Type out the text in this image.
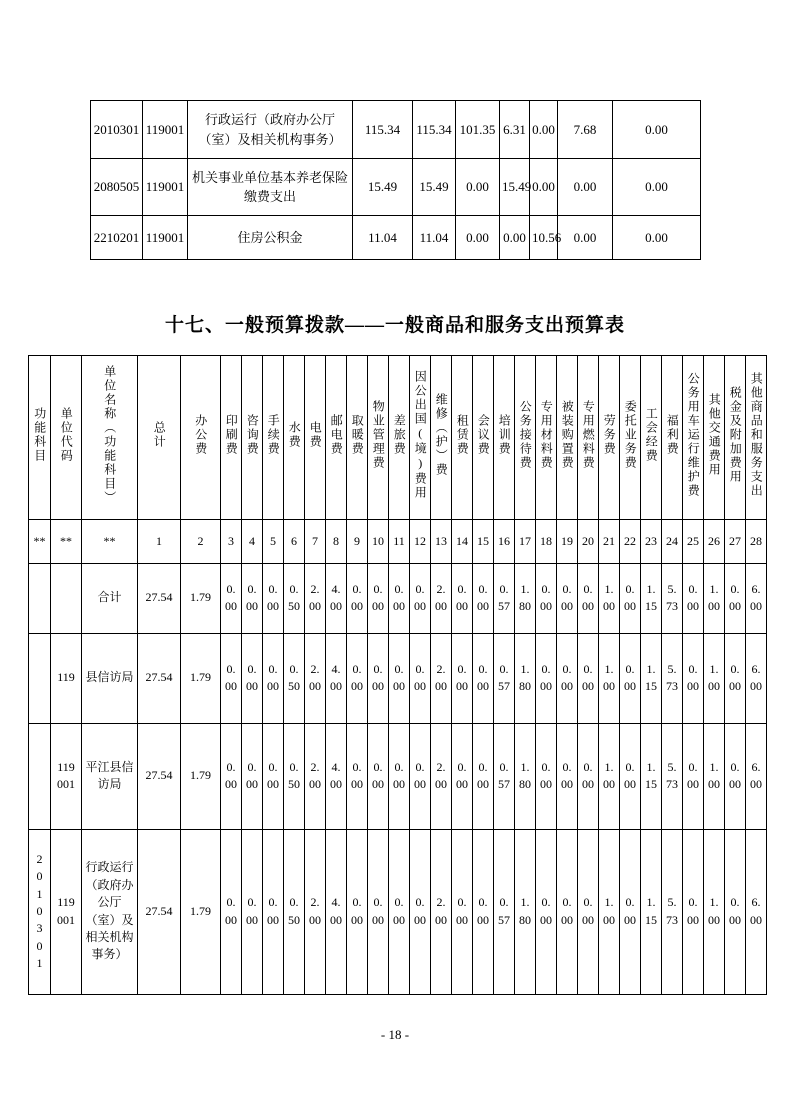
2010301	119001	行政运行（政府办公厅（室）及相关机构事务）	115.34	115.34	101.35	6.31	0.00	7.68	0.00
2080505	119001	机关事业单位基本养老保险缴费支出	15.49	15.49	0.00	15.49	0.00	0.00	0.00
2210201	119001	住房公积金	11.04	11.04	0.00	0.00	10.56	0.00	0.00
十七、一般预算拨款——一般商品和服务支出预算表
功能科目	单位代码	单位名称（功能科目）	总计	办公费	印刷费	咨询费	手续费	水费	电费	邮电费	取暖费	物业管理费	差旅费	因公出国(境)费用	维修（护）费	租赁费	会议费	培训费	公务接待费	专用材料费	被装购置费	专用燃料费	劳务费	委托业务费	工会经费	福利费	公务用车运行维护费	其他交通费用	税金及附加费用	其他商品和服务支出
**	**	**	1	2	3	4	5	6	7	8	9	10	11	12	13	14	15	16	17	18	19	20	21	22	23	24	25	26	27	28
		合计	27.54	1.79	0.00	0.00	0.00	0.50	2.00	4.00	0.00	0.00	0.00	0.00	2.00	0.00	0.00	0.57	1.80	0.00	0.00	0.00	1.00	0.00	1.15	5.73	0.00	1.00	0.00	6.00
	119	县信访局	27.54	1.79	0.00	0.00	0.00	0.50	2.00	4.00	0.00	0.00	0.00	0.00	2.00	0.00	0.00	0.57	1.80	0.00	0.00	0.00	1.00	0.00	1.15	5.73	0.00	1.00	0.00	6.00
	119001	平江县信访局	27.54	1.79	0.00	0.00	0.00	0.50	2.00	4.00	0.00	0.00	0.00	0.00	2.00	0.00	0.00	0.57	1.80	0.00	0.00	0.00	1.00	0.00	1.15	5.73	0.00	1.00	0.00	6.00
2010301	119001	行政运行（政府办公厅（室）及相关机构事务）	27.54	1.79	0.00	0.00	0.00	0.50	2.00	4.00	0.00	0.00	0.00	0.00	2.00	0.00	0.00	0.57	1.80	0.00	0.00	0.00	1.00	0.00	1.15	5.73	0.00	1.00	0.00	6.00
- 18 -
